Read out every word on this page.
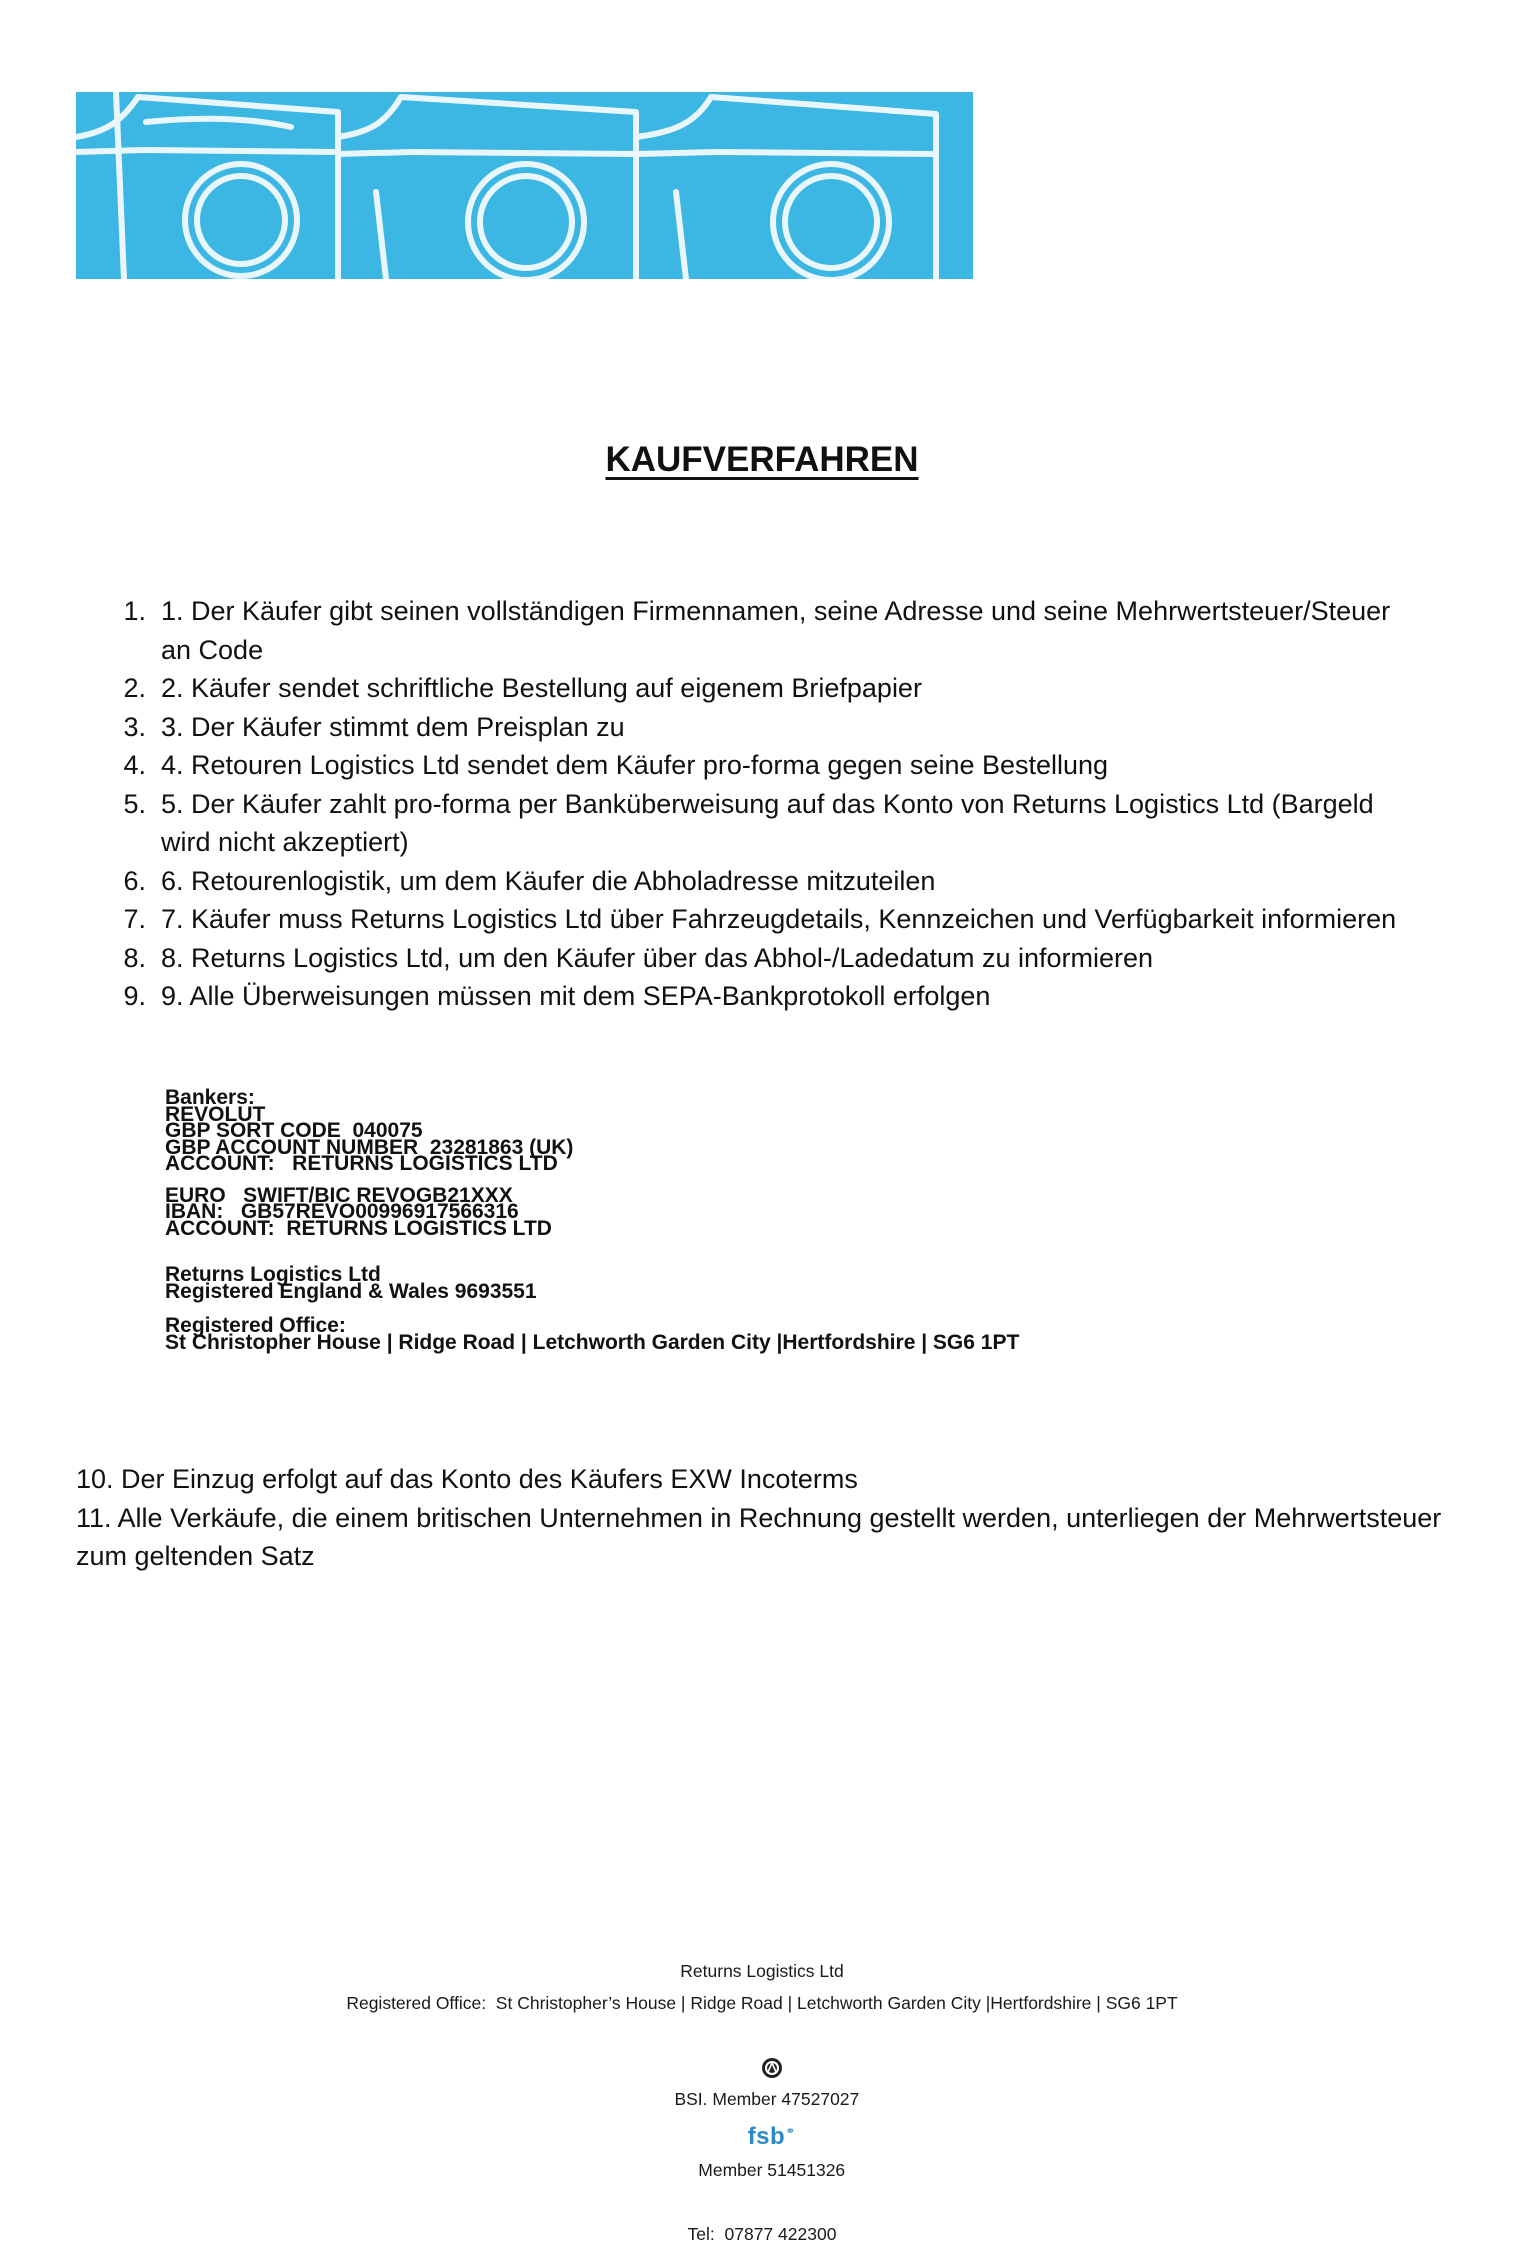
KAUFVERFAHREN
1. 1. Der Käufer gibt seinen vollständigen Firmennamen, seine Adresse und seine Mehrwertsteuer/Steuer an Code
2. 2. Käufer sendet schriftliche Bestellung auf eigenem Briefpapier
3. 3. Der Käufer stimmt dem Preisplan zu
4. 4. Retouren Logistics Ltd sendet dem Käufer pro-forma gegen seine Bestellung
5. 5. Der Käufer zahlt pro-forma per Banküberweisung auf das Konto von Returns Logistics Ltd (Bargeld wird nicht akzeptiert)
6. 6. Retourenlogistik, um dem Käufer die Abholadresse mitzuteilen
7. 7. Käufer muss Returns Logistics Ltd über Fahrzeugdetails, Kennzeichen und Verfügbarkeit informieren
8. 8. Returns Logistics Ltd, um den Käufer über das Abhol-/Ladedatum zu informieren
9. 9. Alle Überweisungen müssen mit dem SEPA-Bankprotokoll erfolgen
Bankers:
REVOLUT
GBP SORT CODE  040075
GBP ACCOUNT NUMBER  23281863 (UK)
ACCOUNT:   RETURNS LOGISTICS LTD
EURO   SWIFT/BIC REVOGB21XXX
IBAN:   GB57REVO00996917566316
ACCOUNT:  RETURNS LOGISTICS LTD
Returns Logistics Ltd
Registered England & Wales 9693551
Registered Office:
St Christopher House | Ridge Road | Letchworth Garden City |Hertfordshire | SG6 1PT
10. Der Einzug erfolgt auf das Konto des Käufers EXW Incoterms
11. Alle Verkäufe, die einem britischen Unternehmen in Rechnung gestellt werden, unterliegen der Mehrwertsteuer zum geltenden Satz
Returns Logistics Ltd
Registered Office:  St Christopher’s House | Ridge Road | Letchworth Garden City |Hertfordshire | SG6 1PT

BSI. Member 47527027
fsb⚭
Member 51451326

Tel:  07877 422300
